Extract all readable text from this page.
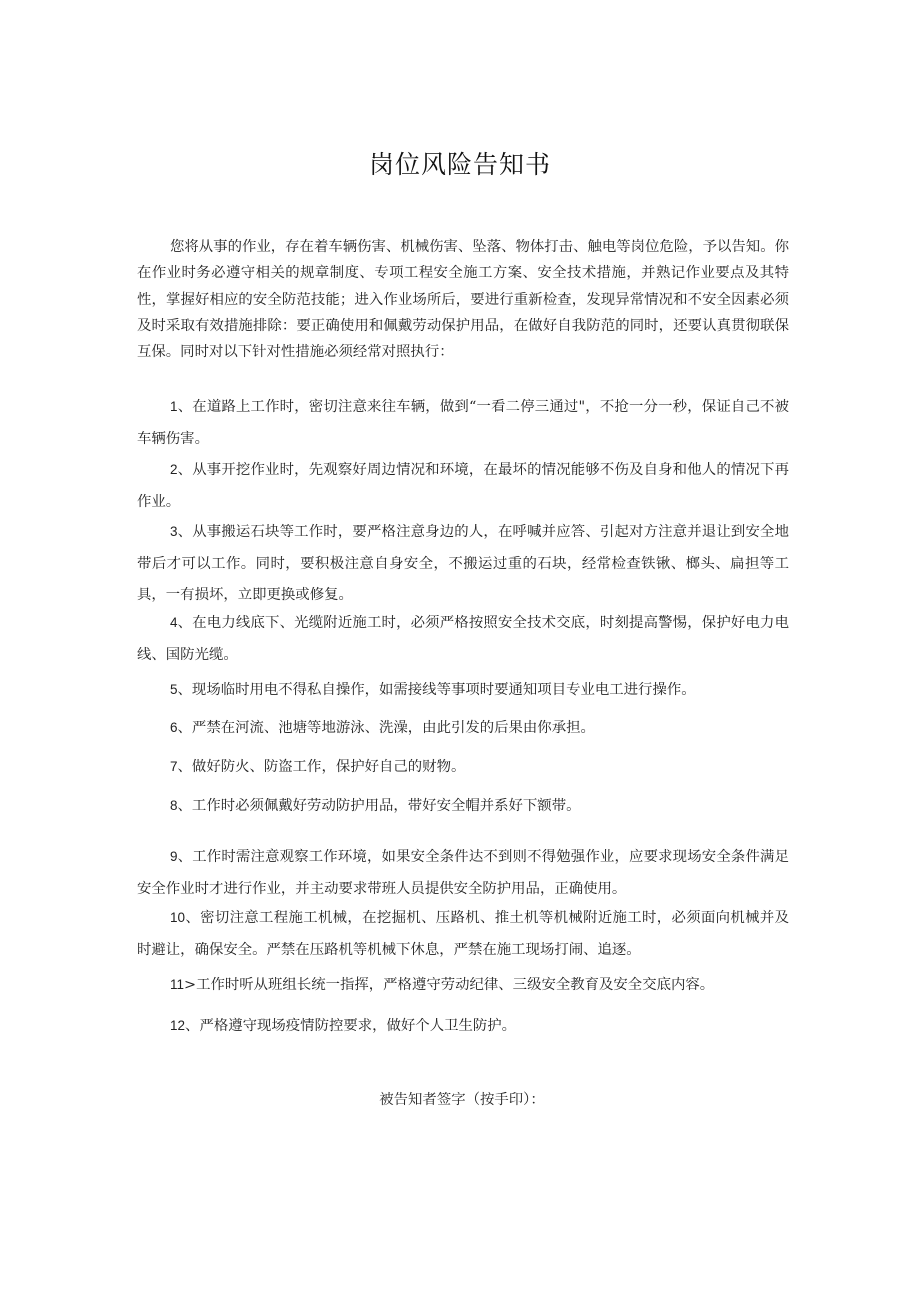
岗位风险告知书

您将从事的作业，存在着车辆伤害、机械伤害、坠落、物体打击、触电等岗位危险，予以告知。你在作业时务必遵守相关的规章制度、专项工程安全施工方案、安全技术措施，并熟记作业要点及其特性，掌握好相应的安全防范技能；进入作业场所后，要进行重新检查，发现异常情况和不安全因素必须及时采取有效措施排除：要正确使用和佩戴劳动保护用品，在做好自我防范的同时，还要认真贯彻联保互保。同时对以下针对性措施必须经常对照执行：

1、在道路上工作时，密切注意来往车辆，做到“一看二停三通过"，不抢一分一秒，保证自己不被车辆伤害。

2、从事开挖作业时，先观察好周边情况和环境，在最坏的情况能够不伤及自身和他人的情况下再作业。

3、从事搬运石块等工作时，要严格注意身边的人，在呼喊并应答、引起对方注意并退让到安全地带后才可以工作。同时，要积极注意自身安全，不搬运过重的石块，经常检查铁锹、榔头、扁担等工具，一有损坏，立即更换或修复。

4、在电力线底下、光缆附近施工时，必须严格按照安全技术交底，时刻提高警惕，保护好电力电线、国防光缆。

5、现场临时用电不得私自操作，如需接线等事项时要通知项目专业电工进行操作。

6、严禁在河流、池塘等地游泳、洗澡，由此引发的后果由你承担。

7、做好防火、防盗工作，保护好自己的财物。

8、工作时必须佩戴好劳动防护用品，带好安全帽并系好下额带。

9、工作时需注意观察工作环境，如果安全条件达不到则不得勉强作业，应要求现场安全条件满足安全作业时才进行作业，并主动要求带班人员提供安全防护用品，正确使用。

10、密切注意工程施工机械，在挖掘机、压路机、推土机等机械附近施工时，必须面向机械并及时避让，确保安全。严禁在压路机等机械下休息，严禁在施工现场打闹、追逐。

11>工作时听从班组长统一指挥，严格遵守劳动纪律、三级安全教育及安全交底内容。

12、严格遵守现场疫情防控要求，做好个人卫生防护。

被告知者签字（按手印）：
